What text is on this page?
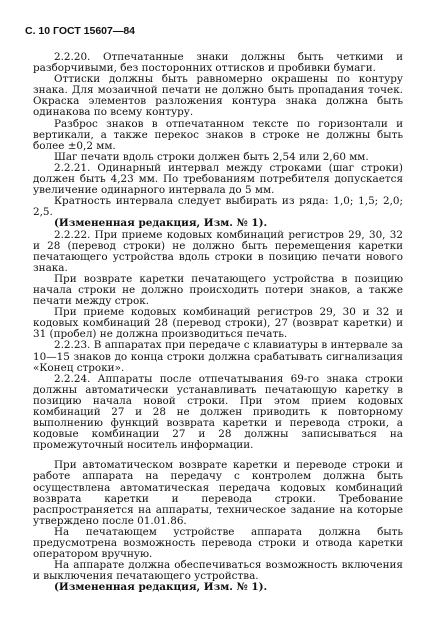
С. 10 ГОСТ 15607—84

2.2.20. Отпечатанные знаки должны быть четкими и разборчивыми, без посторонних оттисков и пробивки бумаги.

Оттиски должны быть равномерно окрашены по контуру знака. Для мозаичной печати не должно быть пропадания точек. Окраска элементов разложения контура знака должна быть одинакова по всему контуру.

Разброс знаков в отпечатанном тексте по горизонтали и вертикали, а также перекос знаков в строке не должны быть более ±0,2 мм.

Шаг печати вдоль строки должен быть 2,54 или 2,60 мм.

2.2.21. Одинарный интервал между строками (шаг строки) должен быть 4,23 мм. По требованиям потребителя допускается увеличение одинарного интервала до 5 мм.

Кратность интервала следует выбирать из ряда: 1,0; 1,5; 2,0; 2,5.

(Измененная редакция, Изм. № 1).

2.2.22. При приеме кодовых комбинаций регистров 29, 30, 32 и 28 (перевод строки) не должно быть перемещения каретки печатающего устройства вдоль строки в позицию печати нового знака.

При возврате каретки печатающего устройства в позицию начала строки не должно происходить потери знаков, а также печати между строк.

При приеме кодовых комбинаций регистров 29, 30 и 32 и кодовых комбинаций 28 (перевод строки), 27 (возврат каретки) и 31 (пробел) не должна производиться печать.

2.2.23. В аппаратах при передаче с клавиатуры в интервале за 10—15 знаков до конца строки должна срабатывать сигнализация «Конец строки».

2.2.24. Аппараты после отпечатывания 69-го знака строки должны автоматически устанавливать печатающую каретку в позицию начала новой строки. При этом прием кодовых комбинаций 27 и 28 не должен приводить к повторному выполнению функций возврата каретки и перевода строки, а кодовые комбинации 27 и 28 должны записываться на промежуточный носитель информации.

При автоматическом возврате каретки и переводе строки и работе аппарата на передачу с контролем должна быть осуществлена автоматическая передача кодовых комбинаций возврата каретки и перевода строки. Требование распространяется на аппараты, техническое задание на которые утверждено после 01.01.86.

На печатающем устройстве аппарата должна быть предусмотрена возможность перевода строки и отвода каретки оператором вручную.

На аппарате должна обеспечиваться возможность включения и выключения печатающего устройства.

(Измененная редакция, Изм. № 1).
